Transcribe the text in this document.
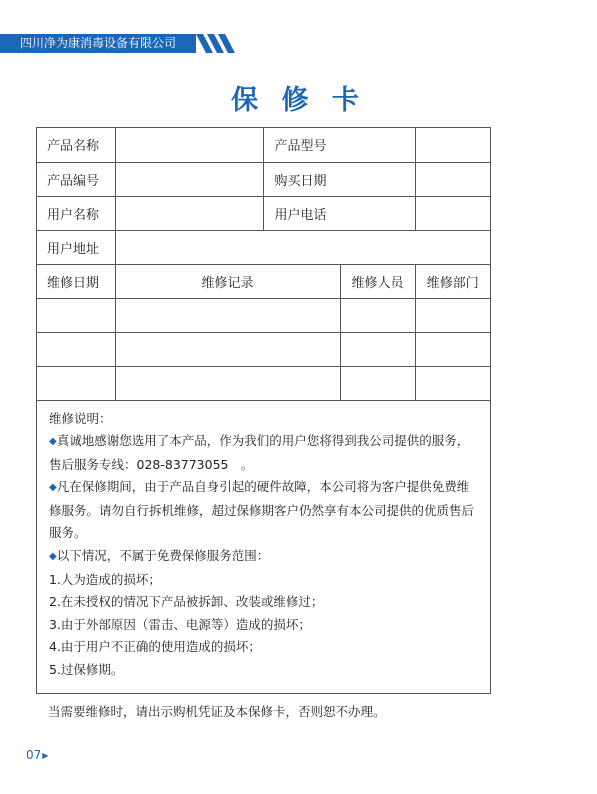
四川净为康消毒设备有限公司
保 修 卡
产品名称		产品型号		
产品编号		购买日期		
用户名称		用户电话		
用户地址				
维修日期	维修记录		维修人员	维修部门

维修说明：

◆真诚地感谢您选用了本产品，作为我们的用户您将得到我公司提供的服务，售后服务专线：028-83773055　。

◆凡在保修期间，由于产品自身引起的硬件故障，本公司将为客户提供免费维修服务。请勿自行拆机维修，超过保修期客户仍然享有本公司提供的优质售后服务。

◆以下情况，不属于免费保修服务范围：

1.人为造成的损坏；

2.在未授权的情况下产品被拆卸、改装或维修过；

3.由于外部原因（雷击、电源等）造成的损坏；

4.由于用户不正确的使用造成的损坏；

5.过保修期。

当需要维修时，请出示购机凭证及本保修卡，否则恕不办理。
07▶
